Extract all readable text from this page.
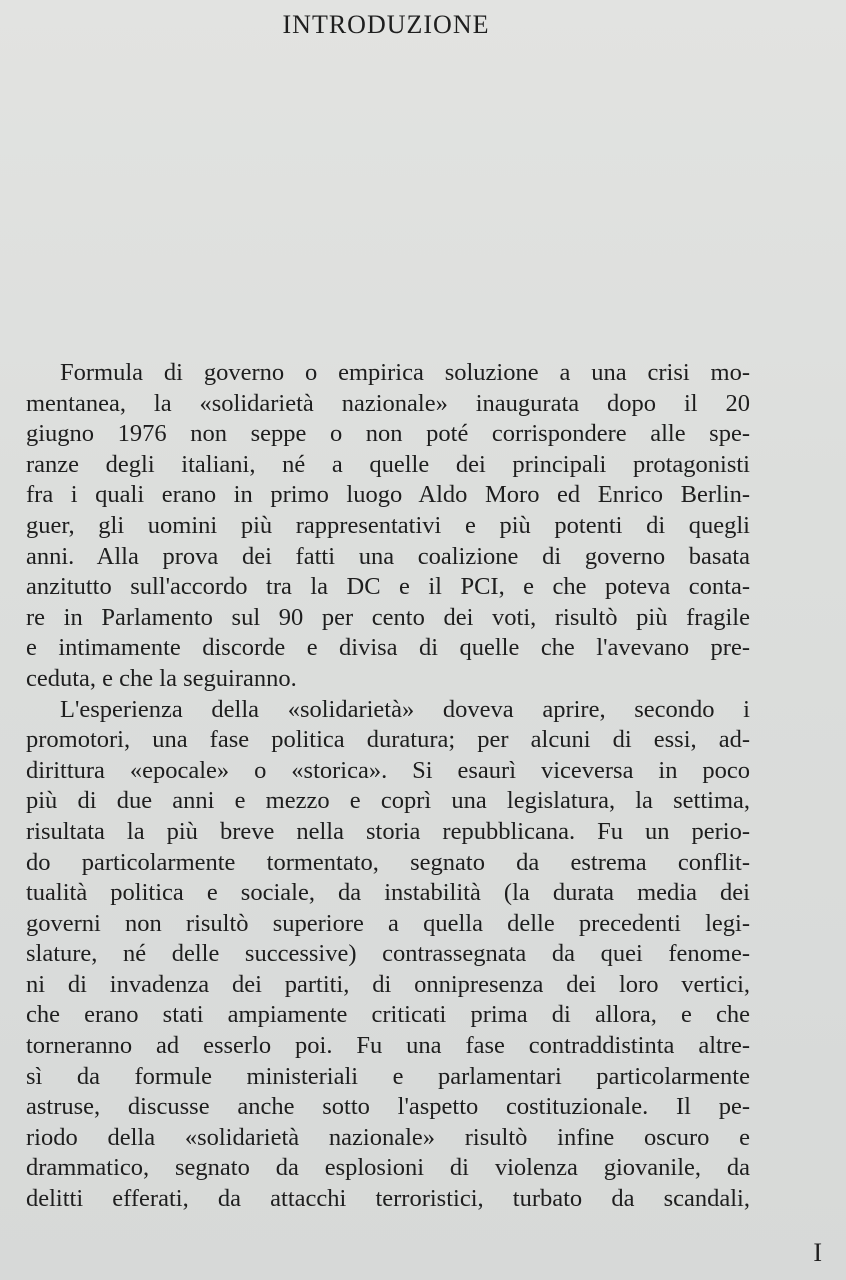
INTRODUZIONE
Formula di governo o empirica soluzione a una crisi mo-
mentanea, la «solidarietà nazionale» inaugurata dopo il 20
giugno 1976 non seppe o non poté corrispondere alle spe-
ranze degli italiani, né a quelle dei principali protagonisti
fra i quali erano in primo luogo Aldo Moro ed Enrico Berlin-
guer, gli uomini più rappresentativi e più potenti di quegli
anni. Alla prova dei fatti una coalizione di governo basata
anzitutto sull'accordo tra la DC e il PCI, e che poteva conta-
re in Parlamento sul 90 per cento dei voti, risultò più fragile
e intimamente discorde e divisa di quelle che l'avevano pre-
ceduta, e che la seguiranno.
L'esperienza della «solidarietà» doveva aprire, secondo i
promotori, una fase politica duratura; per alcuni di essi, ad-
dirittura «epocale» o «storica». Si esaurì viceversa in poco
più di due anni e mezzo e coprì una legislatura, la settima,
risultata la più breve nella storia repubblicana. Fu un perio-
do particolarmente tormentato, segnato da estrema conflit-
tualità politica e sociale, da instabilità (la durata media dei
governi non risultò superiore a quella delle precedenti legi-
slature, né delle successive) contrassegnata da quei fenome-
ni di invadenza dei partiti, di onnipresenza dei loro vertici,
che erano stati ampiamente criticati prima di allora, e che
torneranno ad esserlo poi. Fu una fase contraddistinta altre-
sì da formule ministeriali e parlamentari particolarmente
astruse, discusse anche sotto l'aspetto costituzionale. Il pe-
riodo della «solidarietà nazionale» risultò infine oscuro e
drammatico, segnato da esplosioni di violenza giovanile, da
delitti efferati, da attacchi terroristici, turbato da scandali,

I
